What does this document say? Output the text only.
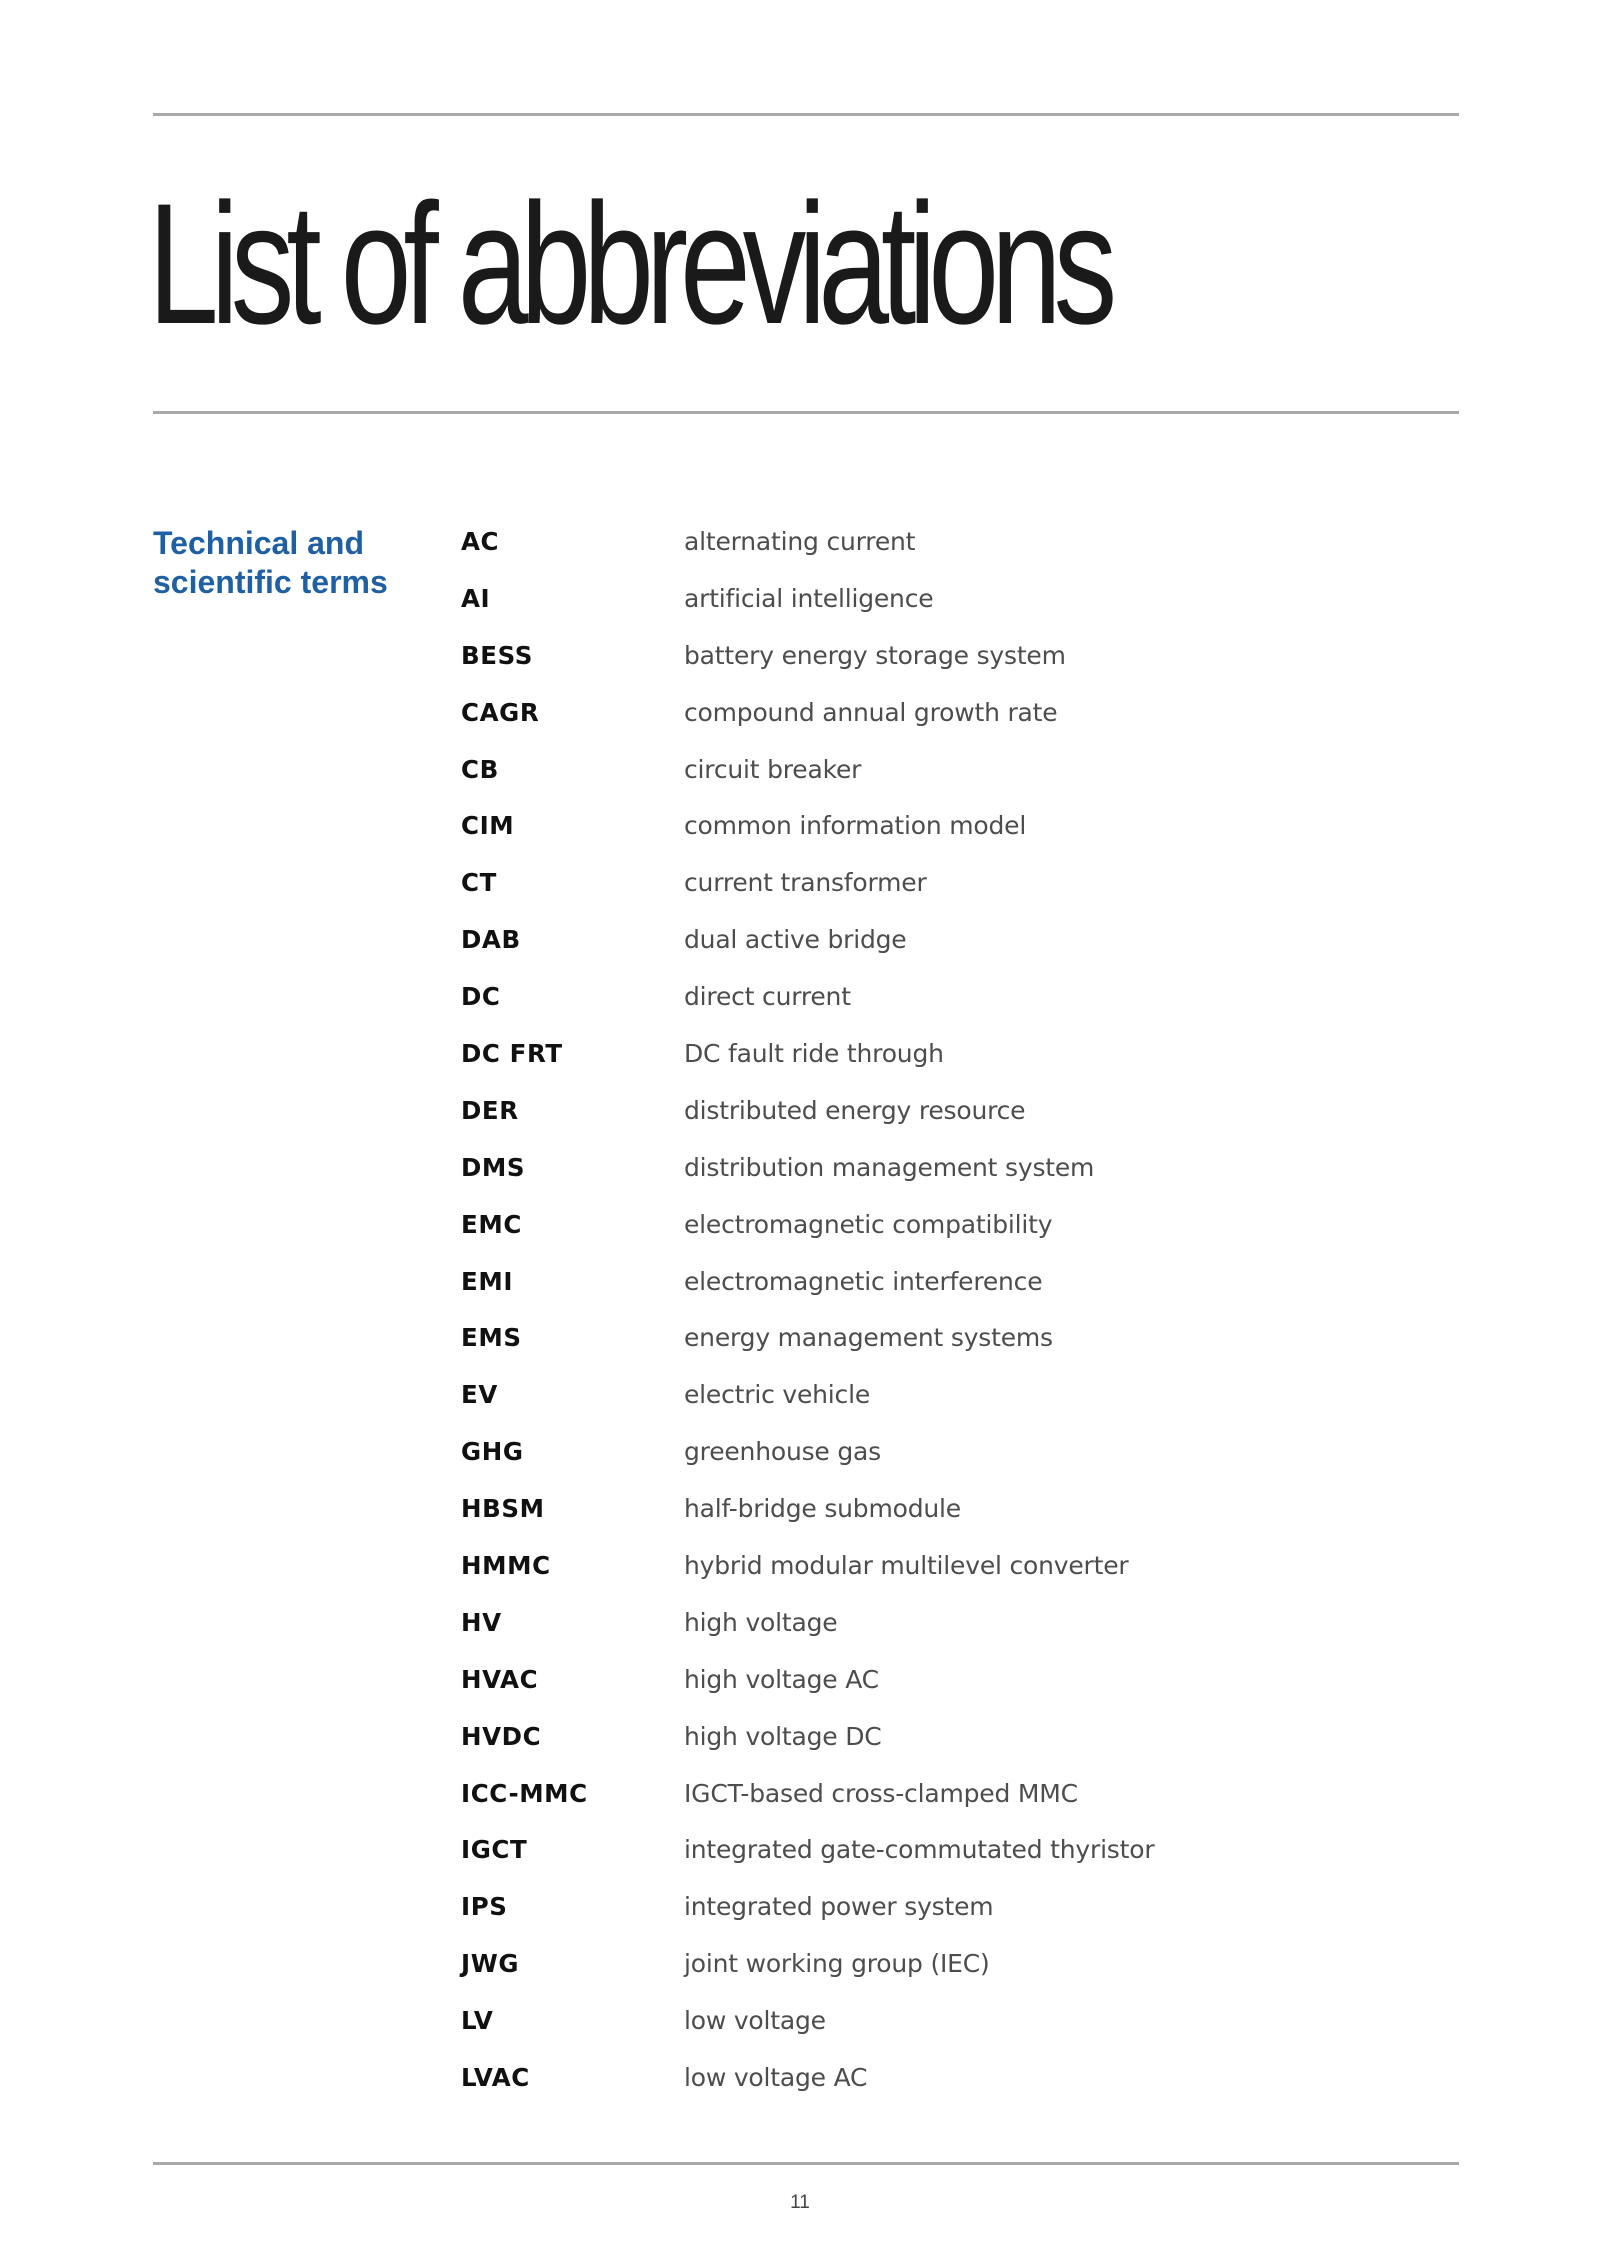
List of abbreviations
Technical and scientific terms
AC	alternating current
AI	artificial intelligence
BESS	battery energy storage system
CAGR	compound annual growth rate
CB	circuit breaker
CIM	common information model
CT	current transformer
DAB	dual active bridge
DC	direct current
DC FRT	DC fault ride through
DER	distributed energy resource
DMS	distribution management system
EMC	electromagnetic compatibility
EMI	electromagnetic interference
EMS	energy management systems
EV	electric vehicle
GHG	greenhouse gas
HBSM	half-bridge submodule
HMMC	hybrid modular multilevel converter
HV	high voltage
HVAC	high voltage AC
HVDC	high voltage DC
ICC-MMC	IGCT-based cross-clamped MMC
IGCT	integrated gate-commutated thyristor
IPS	integrated power system
JWG	joint working group (IEC)
LV	low voltage
LVAC	low voltage AC
11
